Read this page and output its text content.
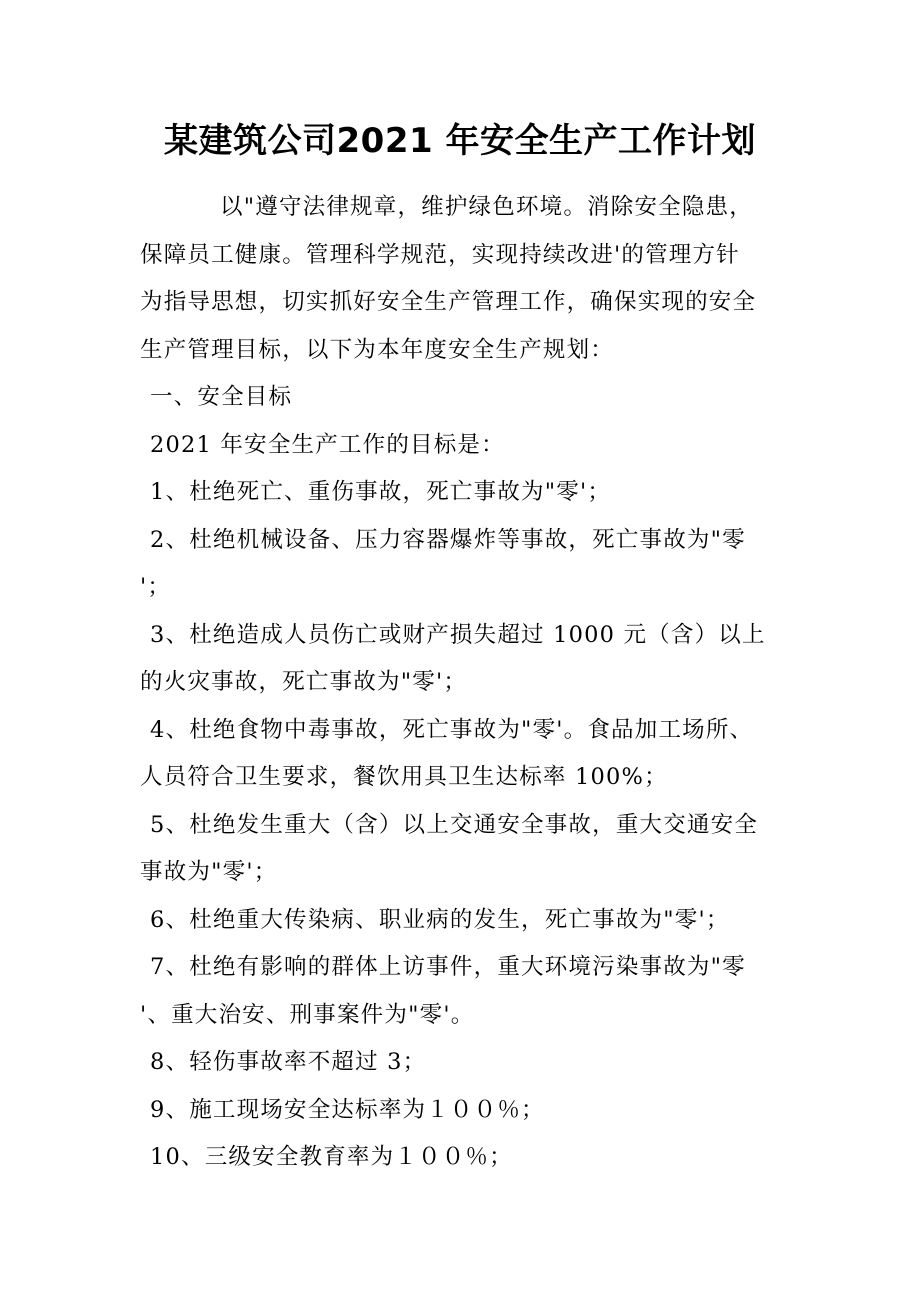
某建筑公司2021 年安全生产工作计划
以"遵守法律规章，维护绿色环境。消除安全隐患，
保障员工健康。管理科学规范，实现持续改进'的管理方针
为指导思想，切实抓好安全生产管理工作，确保实现的安全
生产管理目标，以下为本年度安全生产规划：
一、安全目标
2021 年安全生产工作的目标是：
1、杜绝死亡、重伤事故，死亡事故为"零'；
2、杜绝机械设备、压力容器爆炸等事故，死亡事故为"零
'；
3、杜绝造成人员伤亡或财产损失超过 1000 元（含）以上
的火灾事故，死亡事故为"零'；
4、杜绝食物中毒事故，死亡事故为"零'。食品加工场所、
人员符合卫生要求，餐饮用具卫生达标率 100%；
5、杜绝发生重大（含）以上交通安全事故，重大交通安全
事故为"零'；
6、杜绝重大传染病、职业病的发生，死亡事故为"零'；
7、杜绝有影响的群体上访事件，重大环境污染事故为"零
'、重大治安、刑事案件为"零'。
8、轻伤事故率不超过 3；
9、施工现场安全达标率为１００％；
10、三级安全教育率为１００％；
